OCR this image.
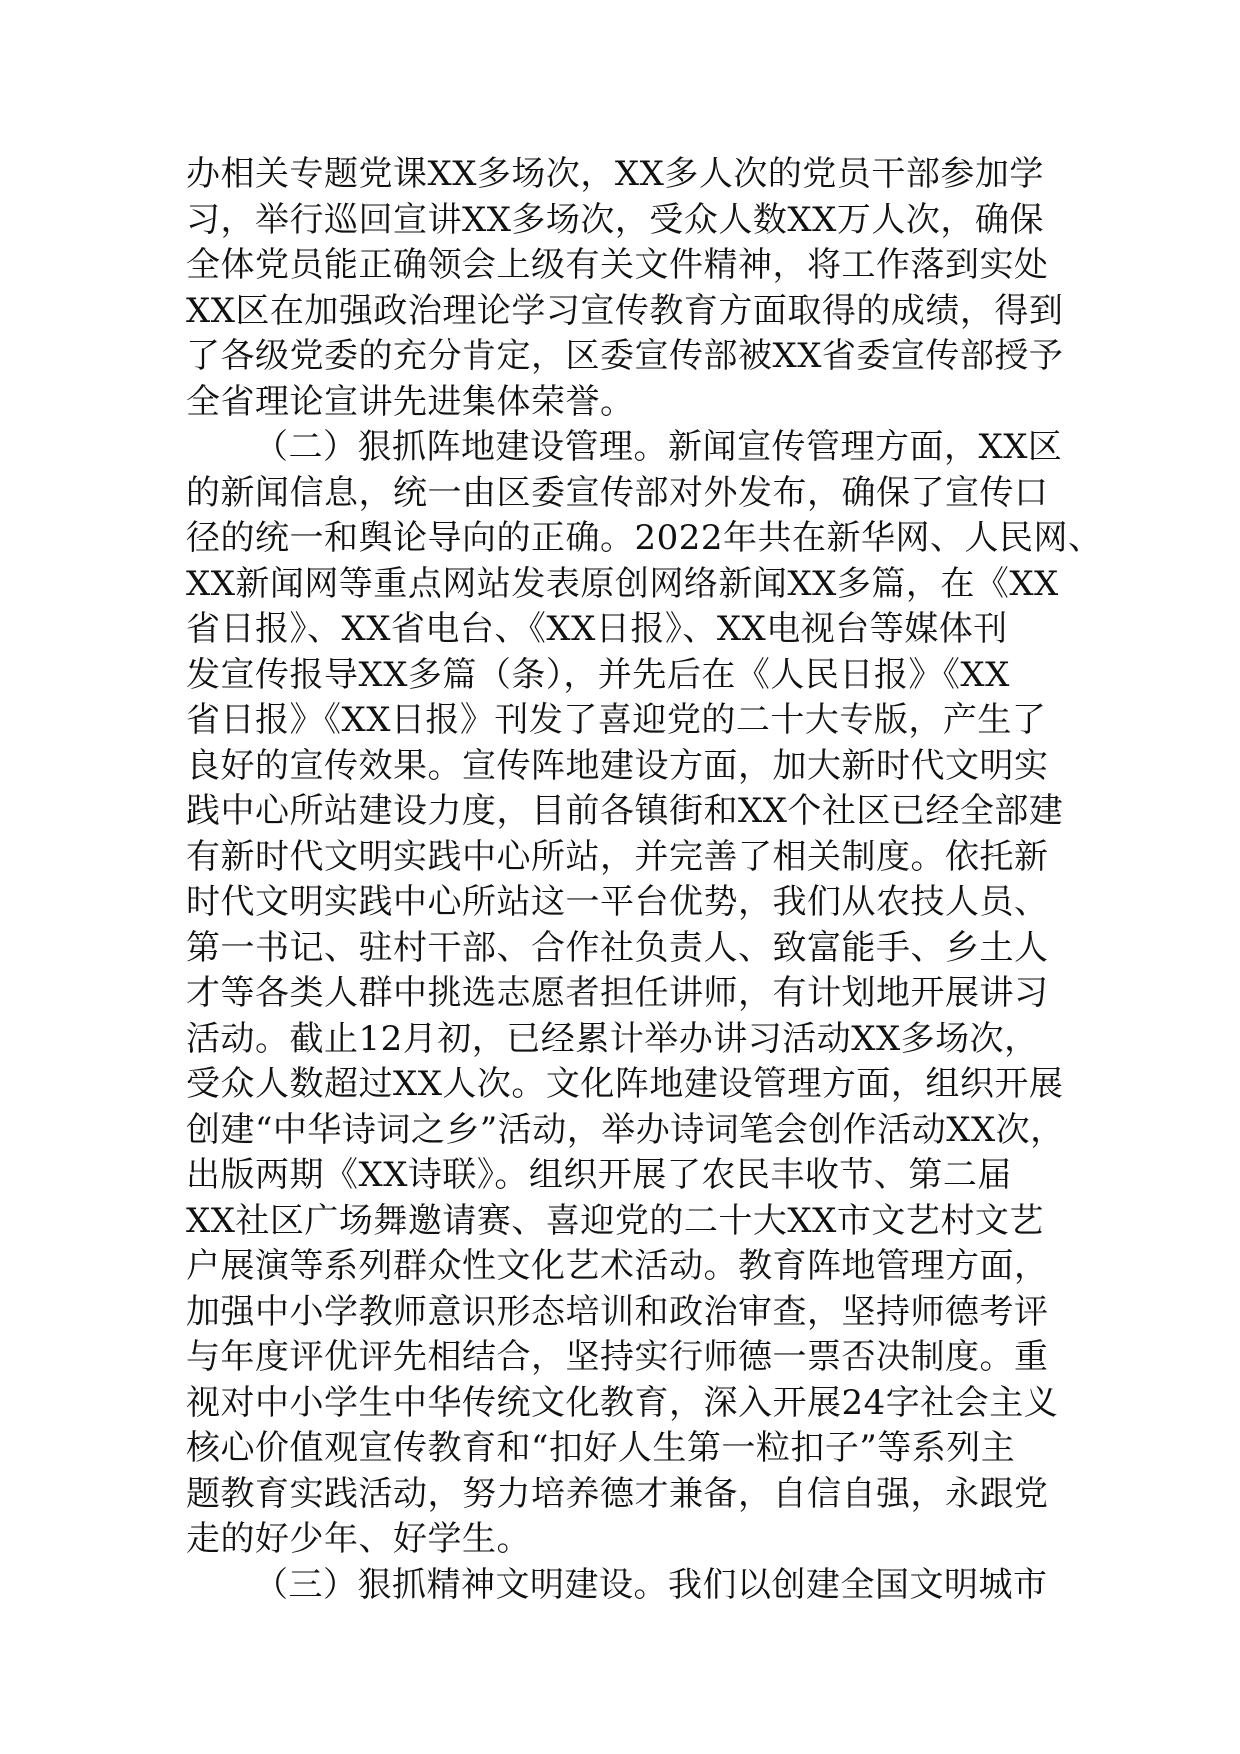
办相关专题党课XX多场次，XX多人次的党员干部参加学
习，举行巡回宣讲XX多场次，受众人数XX万人次，确保
全体党员能正确领会上级有关文件精神，将工作落到实处
XX区在加强政治理论学习宣传教育方面取得的成绩，得到
了各级党委的充分肯定，区委宣传部被XX省委宣传部授予
全省理论宣讲先进集体荣誉。
（二）狠抓阵地建设管理。新闻宣传管理方面，XX区
的新闻信息，统一由区委宣传部对外发布，确保了宣传口
径的统一和舆论导向的正确。2022年共在新华网、人民网、
XX新闻网等重点网站发表原创网络新闻XX多篇，在《XX
省日报》、XX省电台、《XX日报》、XX电视台等媒体刊
发宣传报导XX多篇（条），并先后在《人民日报》《XX
省日报》《XX日报》刊发了喜迎党的二十大专版，产生了
良好的宣传效果。宣传阵地建设方面，加大新时代文明实
践中心所站建设力度，目前各镇街和XX个社区已经全部建
有新时代文明实践中心所站，并完善了相关制度。依托新
时代文明实践中心所站这一平台优势，我们从农技人员、
第一书记、驻村干部、合作社负责人、致富能手、乡土人
才等各类人群中挑选志愿者担任讲师，有计划地开展讲习
活动。截止12月初，已经累计举办讲习活动XX多场次，
受众人数超过XX人次。文化阵地建设管理方面，组织开展
创建“中华诗词之乡”活动，举办诗词笔会创作活动XX次，
出版两期《XX诗联》。组织开展了农民丰收节、第二届
XX社区广场舞邀请赛、喜迎党的二十大XX市文艺村文艺
户展演等系列群众性文化艺术活动。教育阵地管理方面，
加强中小学教师意识形态培训和政治审查，坚持师德考评
与年度评优评先相结合，坚持实行师德一票否决制度。重
视对中小学生中华传统文化教育，深入开展24字社会主义
核心价值观宣传教育和“扣好人生第一粒扣子”等系列主
题教育实践活动，努力培养德才兼备，自信自强，永跟党
走的好少年、好学生。
（三）狠抓精神文明建设。我们以创建全国文明城市
